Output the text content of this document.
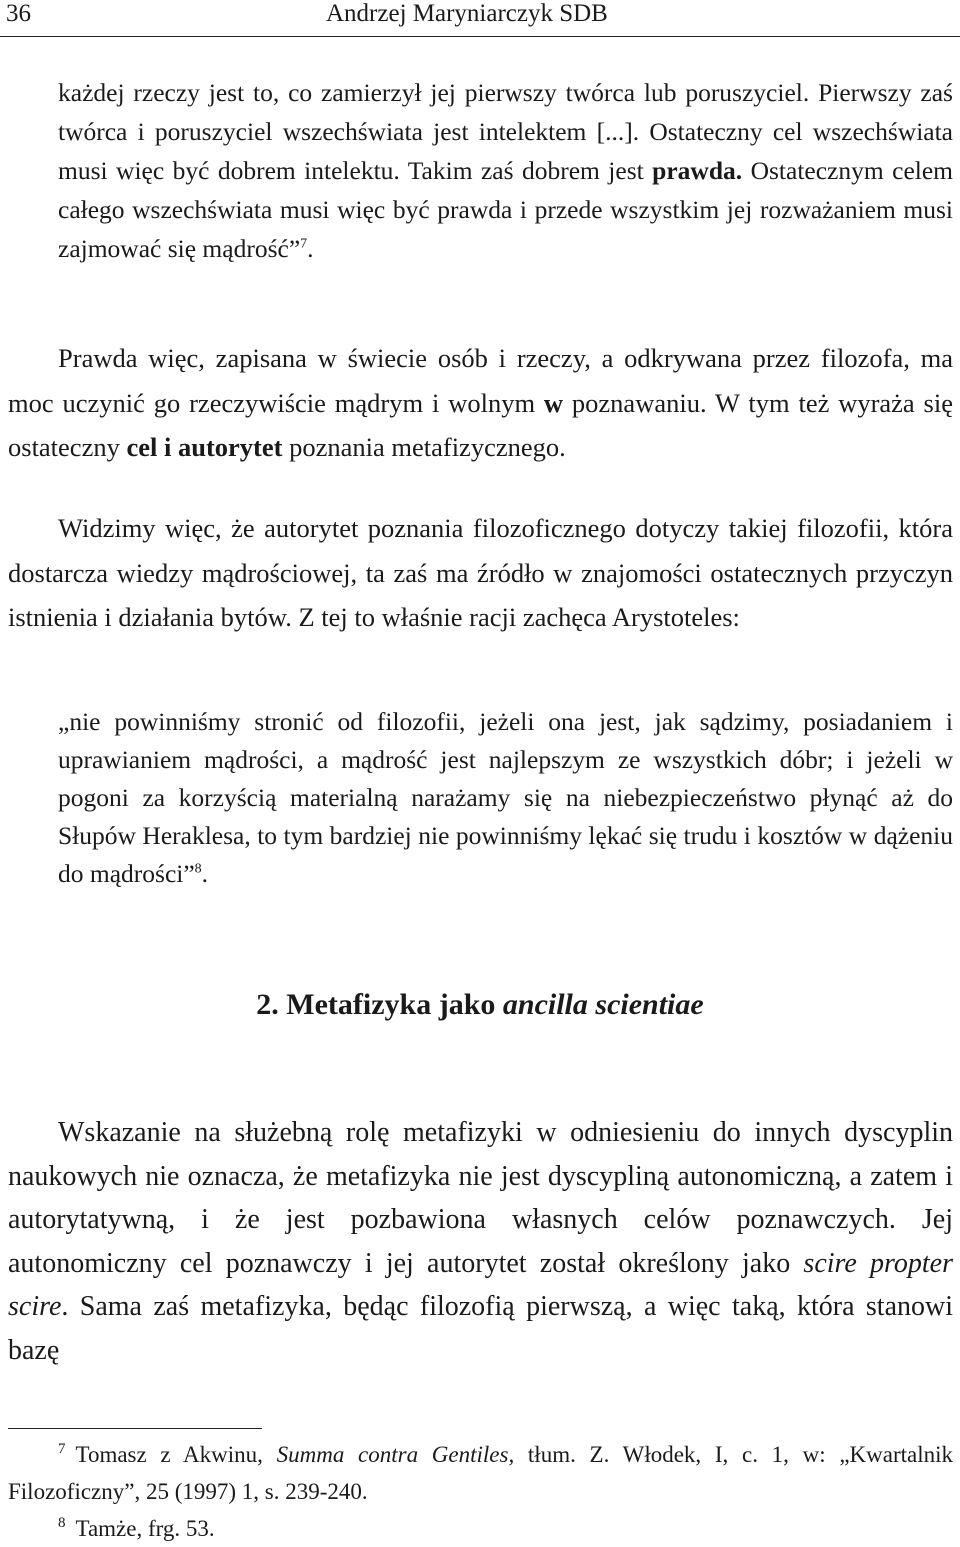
36	Andrzej Maryniarczyk SDB

każdej rzeczy jest to, co zamierzył jej pierwszy twórca lub poruszyciel. Pierwszy zaś twórca i poruszyciel wszechświata jest intelektem [...]. Ostateczny cel wszechświata musi więc być dobrem intelektu. Takim zaś dobrem jest prawda. Ostatecznym celem całego wszechświata musi więc być prawda i przede wszystkim jej rozważaniem musi zajmować się mądrość”$^7$.

Prawda więc, zapisana w świecie osób i rzeczy, a odkrywana przez filozofa, ma moc uczynić go rzeczywiście mądrym i wolnym w poznawaniu. W tym też wyraża się ostateczny cel i autorytet poznania metafizycznego.

Widzimy więc, że autorytet poznania filozoficznego dotyczy takiej filozofii, która dostarcza wiedzy mądrościowej, ta zaś ma źródło w znajomości ostatecznych przyczyn istnienia i działania bytów. Z tej to właśnie racji zachęca Arystoteles:

„nie powinniśmy stronić od filozofii, jeżeli ona jest, jak sądzimy, posiadaniem i uprawianiem mądrości, a mądrość jest najlepszym ze wszystkich dóbr; i jeżeli w pogoni za korzyścią materialną narażamy się na niebezpieczeństwo płynąć aż do Słupów Heraklesa, to tym bardziej nie powinniśmy lękać się trudu i kosztów w dążeniu do mądrości”$^8$.

2. Metafizyka jako ancilla scientiae

Wskazanie na służebną rolę metafizyki w odniesieniu do innych dyscyplin naukowych nie oznacza, że metafizyka nie jest dyscypliną autonomiczną, a zatem i autorytatywną, i że jest pozbawiona własnych celów poznawczych. Jej autonomiczny cel poznawczy i jej autorytet został określony jako scire propter scire. Sama zaś metafizyka, będąc filozofią pierwszą, a więc taką, która stanowi bazę

$^7$ Tomasz z Akwinu, Summa contra Gentiles, tłum. Z. Włodek, I, c. 1, w: „Kwartalnik Filozoficzny”, 25 (1997) 1, s. 239-240.

$^8$ Tamże, frg. 53.
